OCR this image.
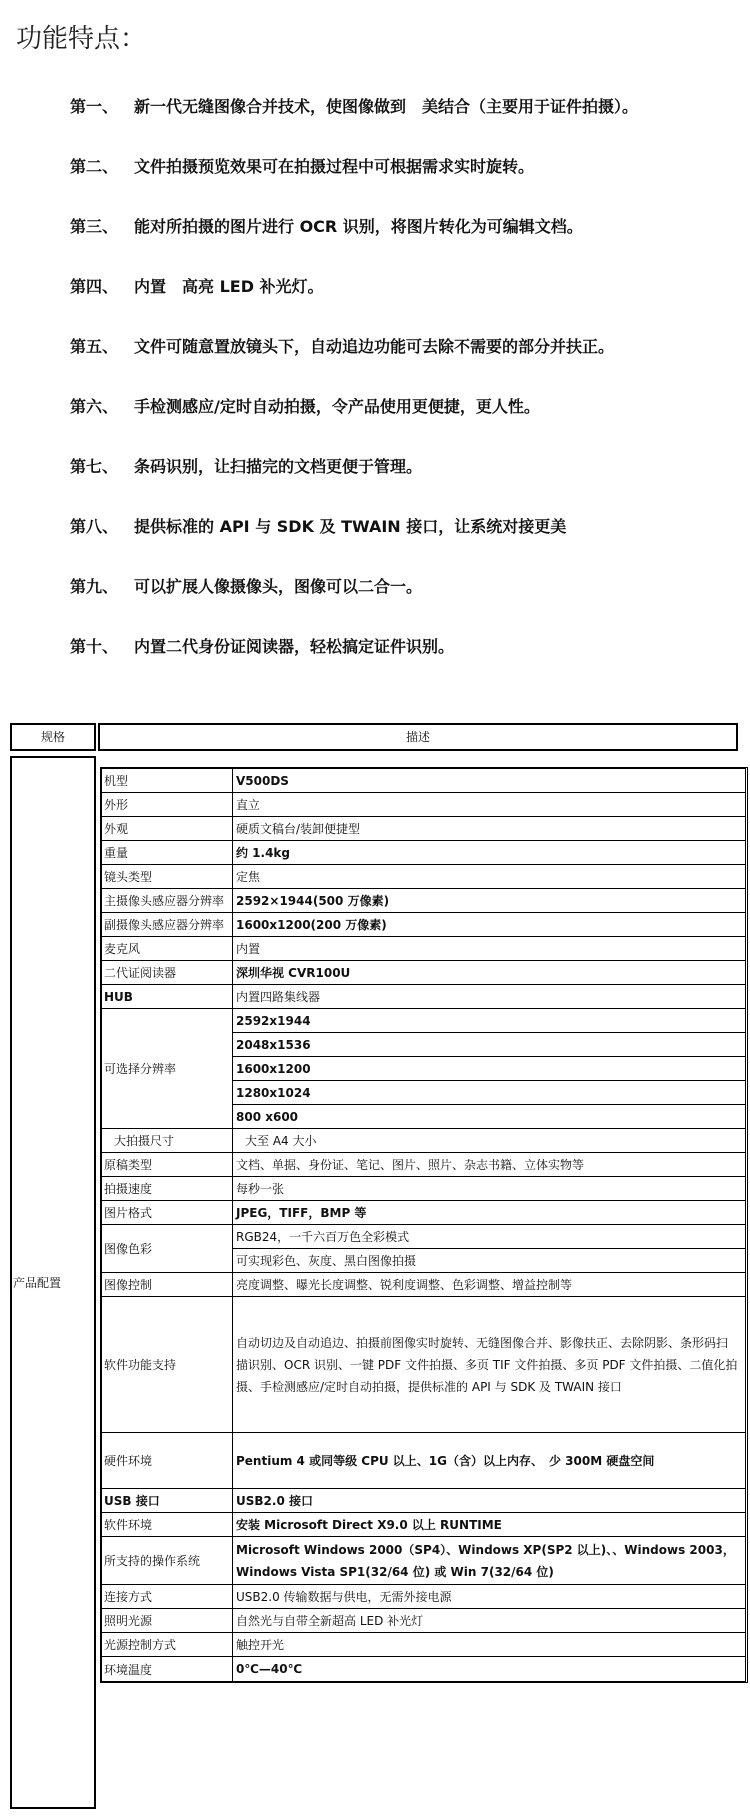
功能特点：
第一、 新一代无缝图像合并技术，使图像做到　美结合（主要用于证件拍摄）。
第二、 文件拍摄预览效果可在拍摄过程中可根据需求实时旋转。
第三、 能对所拍摄的图片进行 OCR 识别，将图片转化为可编辑文档。
第四、 内置　高亮 LED 补光灯。
第五、 文件可随意置放镜头下，自动追边功能可去除不需要的部分并扶正。
第六、 手检测感应/定时自动拍摄，令产品使用更便捷，更人性。
第七、 条码识别，让扫描完的文档更便于管理。
第八、 提供标准的 API 与 SDK 及 TWAIN 接口，让系统对接更美
第九、 可以扩展人像摄像头，图像可以二合一。
第十、 内置二代身份证阅读器，轻松搞定证件识别。
规格	描述
产品配置
机型	V500DS
外形	直立
外观	硬质文稿台/装卸便捷型
重量	约 1.4kg
镜头类型	定焦
主摄像头感应器分辨率 2592×1944(500 万像素)
副摄像头感应器分辨率 1600x1200(200 万像素)
麦克风	内置
二代证阅读器	深圳华视 CVR100U
HUB	内置四路集线器
可选择分辨率
2592x1944
2048x1536
1600x1200
1280x1024
800 x600
大拍摄尺寸	大至 A4 大小
原稿类型	文档、单据、身份证、笔记、图片、照片、杂志书籍、立体实物等
拍摄速度	每秒一张
图片格式	JPEG，TIFF，BMP 等
图像色彩
RGB24，一千六百万色全彩模式
可实现彩色、灰度、黑白图像拍摄
图像控制	亮度调整、曝光长度调整、锐利度调整、色彩调整、增益控制等
软件功能支持
自动切边及自动追边、拍摄前图像实时旋转、无缝图像合并、影像扶正、去除阴影、条形码扫描识别、OCR 识别、一键 PDF 文件拍摄、多页 TIF 文件拍摄、多页 PDF 文件拍摄、二值化拍摄、手检测感应/定时自动拍摄，提供标准的 API 与 SDK 及 TWAIN 接口
硬件环境	Pentium 4 或同等级 CPU 以上、1G（含）以上内存、　少 300M 硬盘空间
USB 接口	USB2.0 接口
软件环境	安装 Microsoft Direct X9.0 以上 RUNTIME
所支持的操作系统
Microsoft Windows 2000（SP4）、Windows XP(SP2 以上)、、Windows 2003，Windows Vista SP1(32/64 位) 或 Win 7(32/64 位)
连接方式	USB2.0 传输数据与供电，无需外接电源
照明光源	自然光与自带全新超高 LED 补光灯
光源控制方式	触控开光
环境温度	0℃—40℃
